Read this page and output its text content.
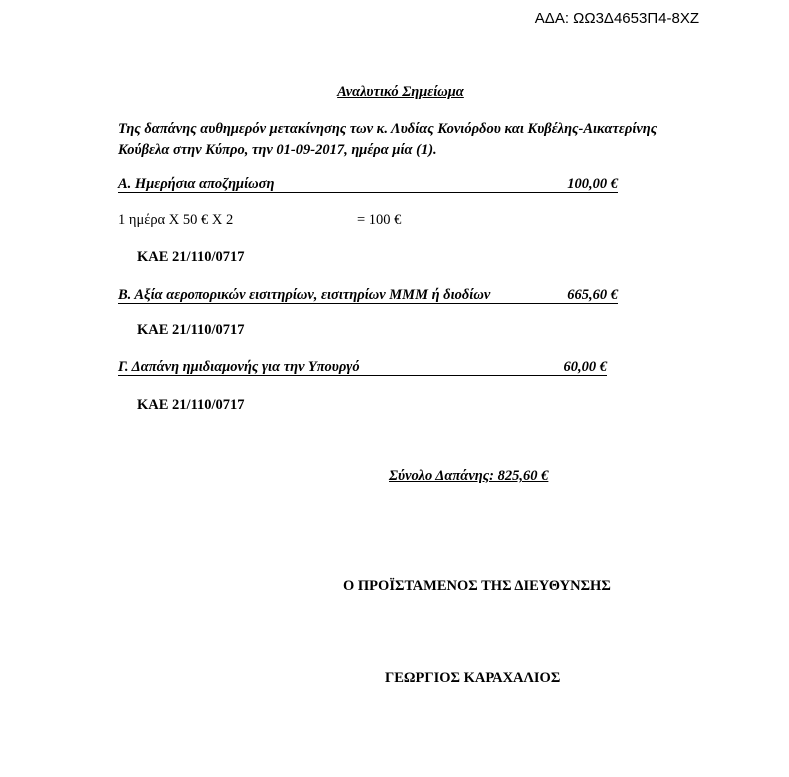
ΑΔΑ: ΩΩ3Δ4653Π4-8ΧΖ
Αναλυτικό Σημείωμα
Της δαπάνης αυθημερόν μετακίνησης των κ. Λυδίας Κονιόρδου και Κυβέλης-Αικατερίνης Κούβελα στην Κύπρο, την 01-09-2017, ημέρα μία (1).
Α. Ημερήσια αποζημίωση	100,00 €
1 ημέρα Χ 50 € Χ 2	= 100 €
ΚΑΕ 21/110/0717
Β. Αξία αεροπορικών εισιτηρίων, εισιτηρίων ΜΜΜ ή διοδίων	665,60 €
ΚΑΕ 21/110/0717
Γ. Δαπάνη ημιδιαμονής για την Υπουργό	60,00 €
ΚΑΕ 21/110/0717
Σύνολο Δαπάνης: 825,60 €
Ο ΠΡΟΪΣΤΑΜΕΝΟΣ ΤΗΣ ΔΙΕΥΘΥΝΣΗΣ
ΓΕΩΡΓΙΟΣ ΚΑΡΑΧΑΛΙΟΣ
